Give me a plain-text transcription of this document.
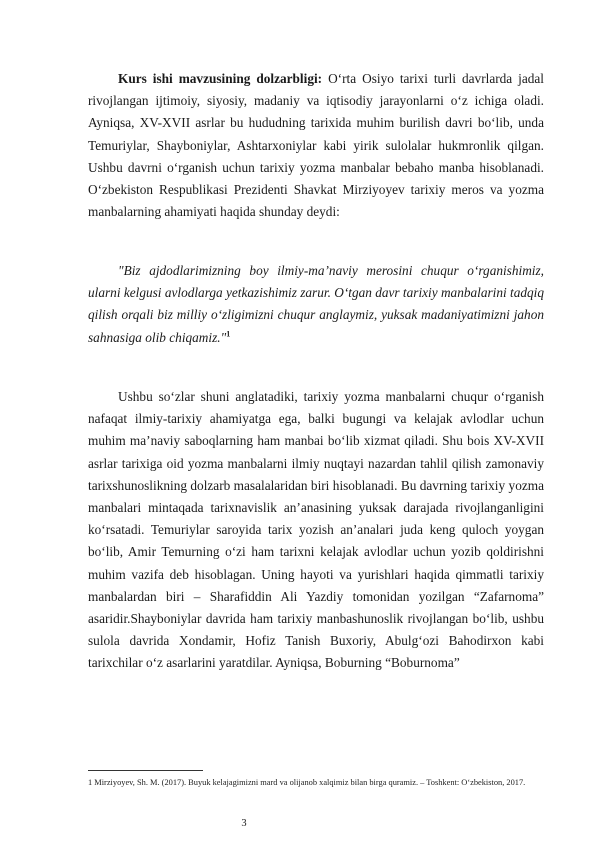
Kurs ishi mavzusining dolzarbligi: O‘rta Osiyo tarixi turli davrlarda jadal rivojlangan ijtimoiy, siyosiy, madaniy va iqtisodiy jarayonlarni o‘z ichiga oladi. Ayniqsa, XV-XVII asrlar bu hududning tarixida muhim burilish davri bo‘lib, unda Temuriylar, Shayboniylar, Ashtarxoniylar kabi yirik sulolalar hukmronlik qilgan. Ushbu davrni o‘rganish uchun tarixiy yozma manbalar bebaho manba hisoblanadi. O‘zbekiston Respublikasi Prezidenti Shavkat Mirziyoyev tarixiy meros va yozma manbalarning ahamiyati haqida shunday deydi:

"Biz ajdodlarimizning boy ilmiy-ma’naviy merosini chuqur o‘rganishimiz, ularni kelgusi avlodlarga yetkazishimiz zarur. O‘tgan davr tarixiy manbalarini tadqiq qilish orqali biz milliy o‘zligimizni chuqur anglaymiz, yuksak madaniyatimizni jahon sahnasiga olib chiqamiz."$^1$

Ushbu so‘zlar shuni anglatadiki, tarixiy yozma manbalarni chuqur o‘rganish nafaqat ilmiy-tarixiy ahamiyatga ega, balki bugungi va kelajak avlodlar uchun muhim ma’naviy saboqlarning ham manbai bo‘lib xizmat qiladi. Shu bois XV-XVII asrlar tarixiga oid yozma manbalarni ilmiy nuqtayi nazardan tahlil qilish zamonaviy tarixshunoslikning dolzarb masalalaridan biri hisoblanadi. Bu davrning tarixiy yozma manbalari mintaqada tarixnavislik an’anasining yuksak darajada rivojlanganligini ko‘rsatadi. Temuriylar saroyida tarix yozish an’analari juda keng quloch yoygan bo‘lib, Amir Temurning o‘zi ham tarixni kelajak avlodlar uchun yozib qoldirishni muhim vazifa deb hisoblagan. Uning hayoti va yurishlari haqida qimmatli tarixiy manbalardan biri – Sharafiddin Ali Yazdiy tomonidan yozilgan “Zafarnoma” asaridir.Shayboniylar davrida ham tarixiy manbashunoslik rivojlangan bo‘lib, ushbu sulola davrida Xondamir, Hofiz Tanish Buxoriy, Abulg‘ozi Bahodirxon kabi tarixchilar o‘z asarlarini yaratdilar. Ayniqsa, Boburning “Boburnoma”

1 Mirziyoyev, Sh. M. (2017). Buyuk kelajagimizni mard va olijanob xalqimiz bilan birga quramiz. – Toshkent: O‘zbekiston, 2017.
3
